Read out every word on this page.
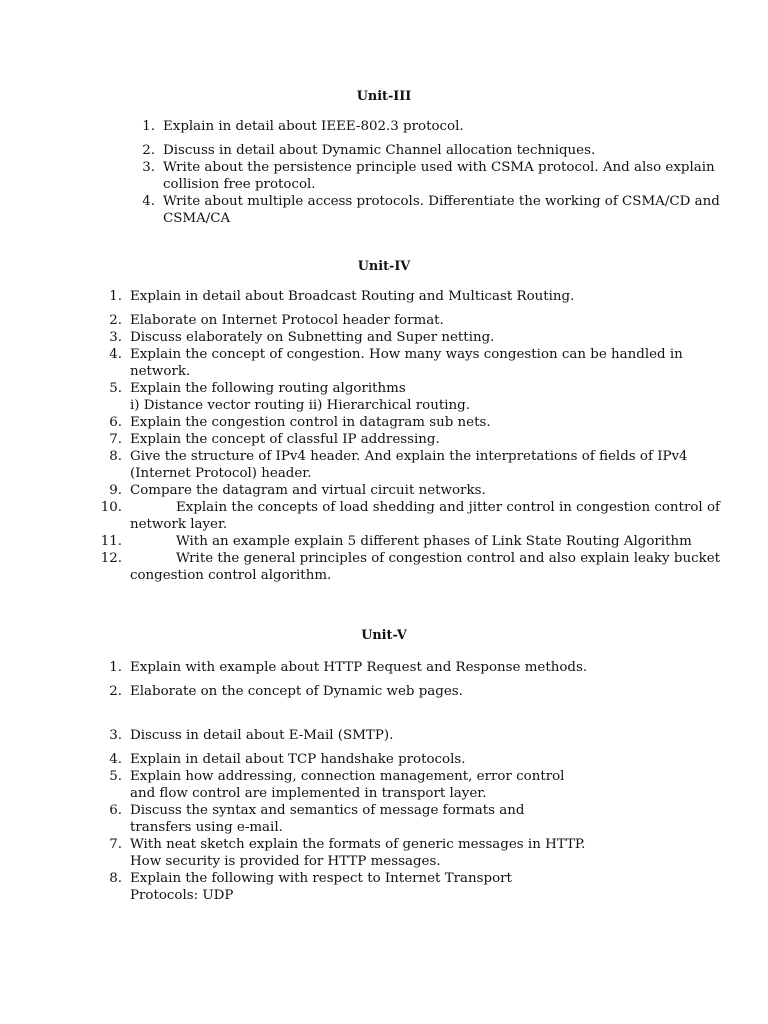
Unit-III
1. Explain in detail about IEEE-802.3 protocol.
2. Discuss in detail about Dynamic Channel allocation techniques.
3. Write about the persistence principle used with CSMA protocol. And also explain collision free protocol.
4. Write about multiple access protocols. Differentiate the working of CSMA/CD and CSMA/CA
Unit-IV
1. Explain in detail about Broadcast Routing and Multicast Routing.
2. Elaborate on Internet Protocol header format.
3. Discuss elaborately on Subnetting and Super netting.
4. Explain the concept of congestion. How many ways congestion can be handled in network.
5. Explain the following routing algorithms
i) Distance vector routing ii) Hierarchical routing.
6. Explain the congestion control in datagram sub nets.
7. Explain the concept of classful IP addressing.
8. Give the structure of IPv4 header. And explain the interpretations of fields of IPv4 (Internet Protocol) header.
9. Compare the datagram and virtual circuit networks.
10.	Explain the concepts of load shedding and jitter control in congestion control of network layer.
11.	With an example explain 5 different phases of Link State Routing Algorithm
12.	Write the general principles of congestion control and also explain leaky bucket congestion control algorithm.
Unit-V
1. Explain with example about HTTP Request and Response methods.
2. Elaborate on the concept of Dynamic web pages.
3. Discuss in detail about E-Mail (SMTP).
4. Explain in detail about TCP handshake protocols.
5. Explain how addressing, connection management, error control and flow control are implemented in transport layer.
6. Discuss the syntax and semantics of message formats and transfers using e-mail.
7. With neat sketch explain the formats of generic messages in HTTP. How security is provided for HTTP messages.
8. Explain the following with respect to Internet Transport Protocols: UDP
